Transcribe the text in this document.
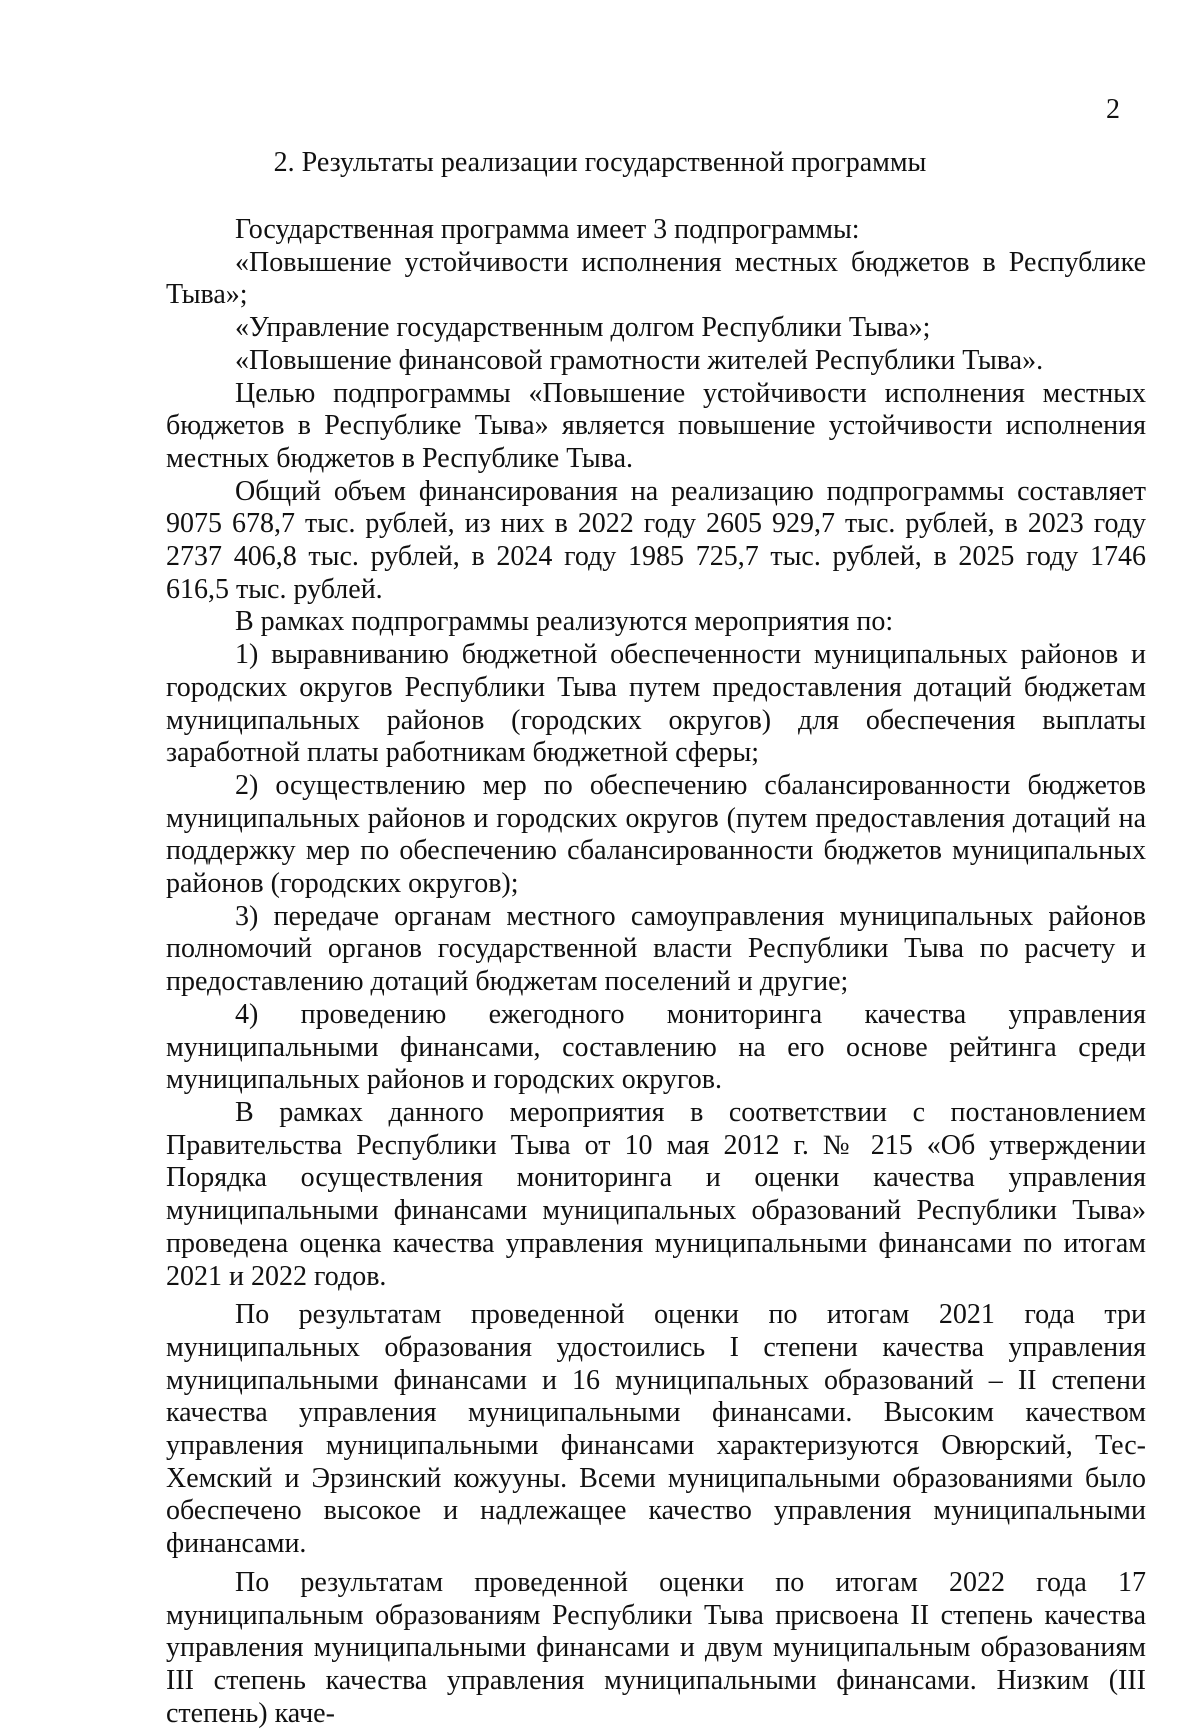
2
2. Результаты реализации государственной программы

Государственная программа имеет 3 подпрограммы:

«Повышение устойчивости исполнения местных бюджетов в Республике Тыва»;

«Управление государственным долгом Республики Тыва»;

«Повышение финансовой грамотности жителей Республики Тыва».

Целью подпрограммы «Повышение устойчивости исполнения местных бюджетов в Республике Тыва» является повышение устойчивости исполнения местных бюджетов в Республике Тыва.

Общий объем финансирования на реализацию подпрограммы составляет 9075 678,7 тыс. рублей, из них в 2022 году 2605 929,7 тыс. рублей, в 2023 году 2737 406,8 тыс. рублей, в 2024 году 1985 725,7 тыс. рублей, в 2025 году 1746 616,5 тыс. рублей.

В рамках подпрограммы реализуются мероприятия по:

1) выравниванию бюджетной обеспеченности муниципальных районов и городских округов Республики Тыва путем предоставления дотаций бюджетам муниципальных районов (городских округов) для обеспечения выплаты заработной платы работникам бюджетной сферы;

2) осуществлению мер по обеспечению сбалансированности бюджетов муниципальных районов и городских округов (путем предоставления дотаций на поддержку мер по обеспечению сбалансированности бюджетов муниципальных районов (городских округов);

3) передаче органам местного самоуправления муниципальных районов полномочий органов государственной власти Республики Тыва по расчету и предоставлению дотаций бюджетам поселений и другие;

4) проведению ежегодного мониторинга качества управления муниципальными финансами, составлению на его основе рейтинга среди муниципальных районов и городских округов.

В рамках данного мероприятия в соответствии с постановлением Правительства Республики Тыва от 10 мая 2012 г. № 215 «Об утверждении Порядка осуществления мониторинга и оценки качества управления муниципальными финансами муниципальных образований Республики Тыва» проведена оценка качества управления муниципальными финансами по итогам 2021 и 2022 годов.

По результатам проведенной оценки по итогам 2021 года три муниципальных образования удостоились I степени качества управления муниципальными финансами и 16 муниципальных образований – II степени качества управления муниципальными финансами. Высоким качеством управления муниципальными финансами характеризуются Овюрский, Тес-Хемский и Эрзинский кожууны. Всеми муниципальными образованиями было обеспечено высокое и надлежащее качество управления муниципальными финансами.

По результатам проведенной оценки по итогам 2022 года 17 муниципальным образованиям Республики Тыва присвоена II степень качества управления муниципальными финансами и двум муниципальным образованиям III степень качества управления муниципальными финансами. Низким (III степень) каче-
